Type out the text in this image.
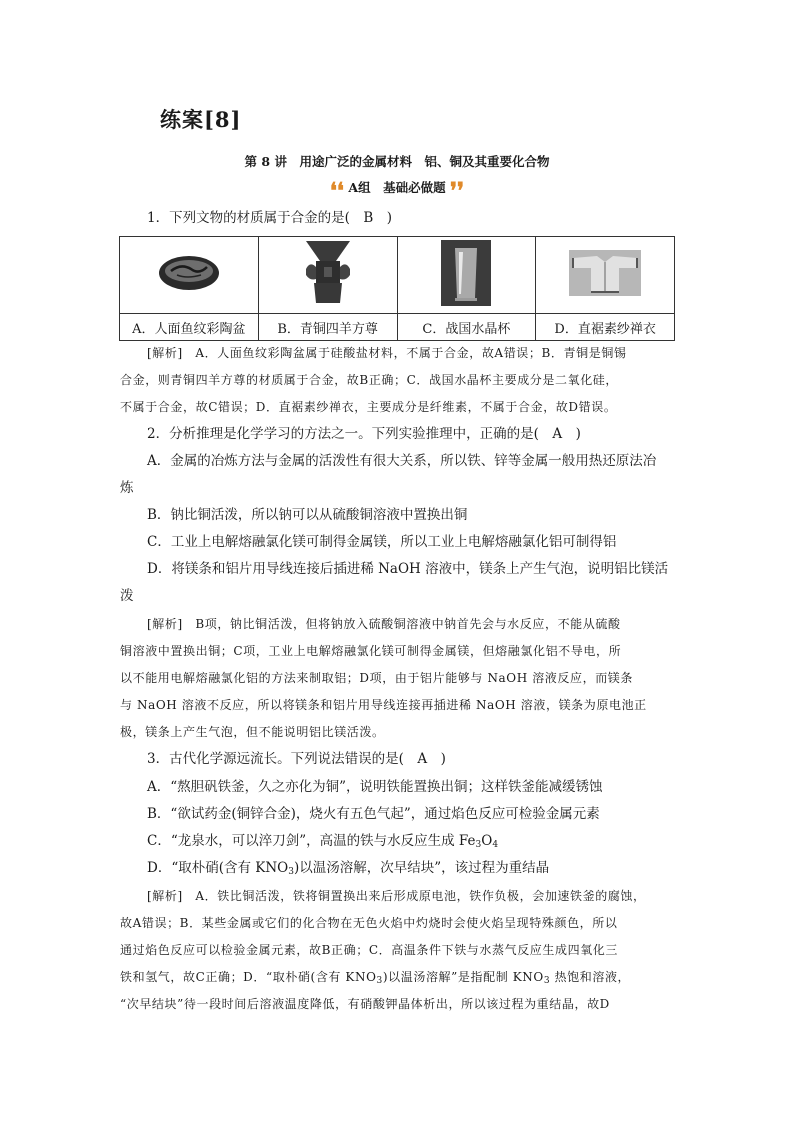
练案[8]
第 8 讲　用途广泛的金属材料　铝、铜及其重要化合物
❛❛ A组　基础必做题 ❜❜
1．下列文物的材质属于合金的是(　B　)

A．人面鱼纹彩陶盆	B．青铜四羊方尊	C．战国水晶杯	D．直裾素纱禅衣
[解析]　A．人面鱼纹彩陶盆属于硅酸盐材料，不属于合金，故A错误；B．青铜是铜锡
合金，则青铜四羊方尊的材质属于合金，故B正确；C．战国水晶杯主要成分是二氧化硅，
不属于合金，故C错误；D．直裾素纱禅衣，主要成分是纤维素，不属于合金，故D错误。
2．分析推理是化学学习的方法之一。下列实验推理中，正确的是(　A　)
A．金属的冶炼方法与金属的活泼性有很大关系，所以铁、锌等金属一般用热还原法冶
炼
B．钠比铜活泼，所以钠可以从硫酸铜溶液中置换出铜
C．工业上电解熔融氯化镁可制得金属镁，所以工业上电解熔融氯化铝可制得铝
D．将镁条和铝片用导线连接后插进稀 NaOH 溶液中，镁条上产生气泡，说明铝比镁活
泼
[解析]　B项，钠比铜活泼，但将钠放入硫酸铜溶液中钠首先会与水反应，不能从硫酸
铜溶液中置换出铜；C项，工业上电解熔融氯化镁可制得金属镁，但熔融氯化铝不导电，所
以不能用电解熔融氯化铝的方法来制取铝；D项，由于铝片能够与 NaOH 溶液反应，而镁条
与 NaOH 溶液不反应，所以将镁条和铝片用导线连接再插进稀 NaOH 溶液，镁条为原电池正
极，镁条上产生气泡，但不能说明铝比镁活泼。
3．古代化学源远流长。下列说法错误的是(　A　)
A．“熬胆矾铁釜，久之亦化为铜”，说明铁能置换出铜；这样铁釜能减缓锈蚀
B．“欲试药金(铜锌合金)，烧火有五色气起”，通过焰色反应可检验金属元素
C．“龙泉水，可以淬刀剑”，高温的铁与水反应生成 $Fe_3O_4$
D．“取朴硝(含有 $KNO_3$)以温汤溶解，次早结块”，该过程为重结晶
[解析]　A．铁比铜活泼，铁将铜置换出来后形成原电池，铁作负极，会加速铁釜的腐蚀，
故A错误；B．某些金属或它们的化合物在无色火焰中灼烧时会使火焰呈现特殊颜色，所以
通过焰色反应可以检验金属元素，故B正确；C．高温条件下铁与水蒸气反应生成四氧化三
铁和氢气，故C正确；D．“取朴硝(含有 $KNO_3$)以温汤溶解”是指配制 $KNO_3$ 热饱和溶液，
“次早结块”待一段时间后溶液温度降低，有硝酸钾晶体析出，所以该过程为重结晶，故D
